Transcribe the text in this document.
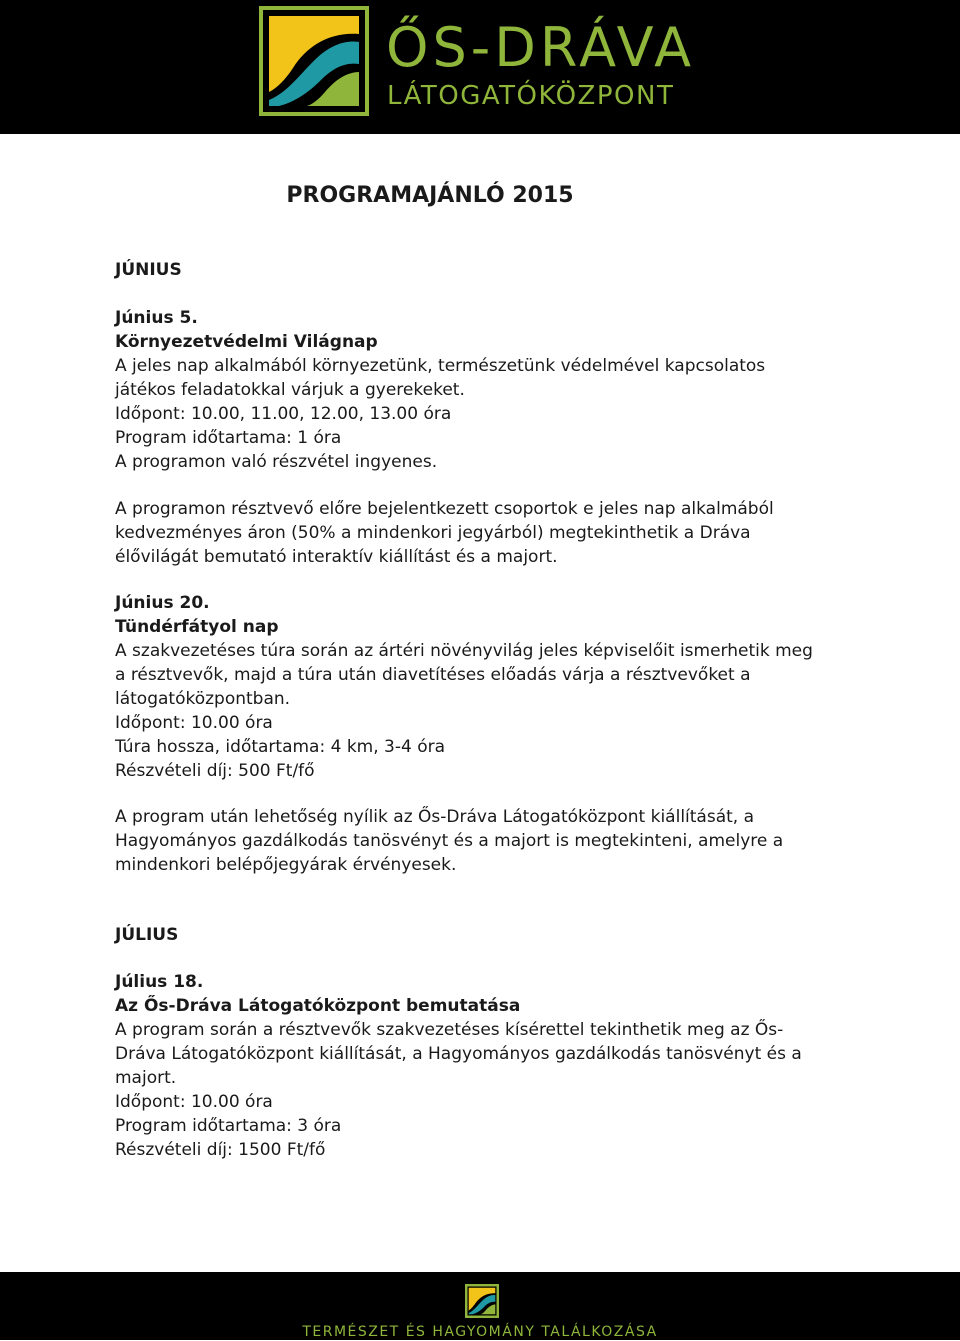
ŐS-DRÁVA
LÁTOGATÓKÖZPONT
PROGRAMAJÁNLÓ 2015
JÚNIUS
Június 5.
Környezetvédelmi Világnap
A jeles nap alkalmából környezetünk, természetünk védelmével kapcsolatos
játékos feladatokkal várjuk a gyerekeket.
Időpont: 10.00, 11.00, 12.00, 13.00 óra
Program időtartama: 1 óra
A programon való részvétel ingyenes.
A programon résztvevő előre bejelentkezett csoportok e jeles nap alkalmából
kedvezményes áron (50% a mindenkori jegyárból) megtekinthetik a Dráva
élővilágát bemutató interaktív kiállítást és a majort.
Június 20.
Tündérfátyol nap
A szakvezetéses túra során az ártéri növényvilág jeles képviselőit ismerhetik meg
a résztvevők, majd a túra után diavetítéses előadás várja a résztvevőket a
látogatóközpontban.
Időpont: 10.00 óra
Túra hossza, időtartama: 4 km, 3-4 óra
Részvételi díj: 500 Ft/fő
A program után lehetőség nyílik az Ős-Dráva Látogatóközpont kiállítását, a
Hagyományos gazdálkodás tanösvényt és a majort is megtekinteni, amelyre a
mindenkori belépőjegyárak érvényesek.
JÚLIUS
Július 18.
Az Ős-Dráva Látogatóközpont bemutatása
A program során a résztvevők szakvezetéses kísérettel tekinthetik meg az Ős-
Dráva Látogatóközpont kiállítását, a Hagyományos gazdálkodás tanösvényt és a
majort.
Időpont: 10.00 óra
Program időtartama: 3 óra
Részvételi díj: 1500 Ft/fő
TERMÉSZET ÉS HAGYOMÁNY TALÁLKOZÁSA
